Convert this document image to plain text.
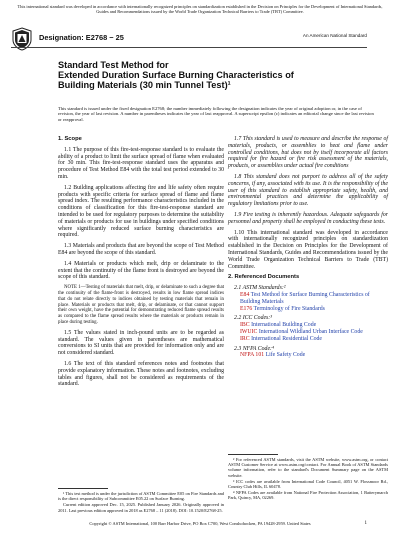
This international standard was developed in accordance with internationally recognized principles on standardization established in the Decision on Principles for the Development of International Standards, Guides and Recommendations issued by the World Trade Organization Technical Barriers to Trade (TBT) Committee.
Designation: E2768 − 25	An American National Standard
Standard Test Method for
Extended Duration Surface Burning Characteristics of
Building Materials (30 min Tunnel Test)¹
This standard is issued under the fixed designation E2768; the number immediately following the designation indicates the year of original adoption or, in the case of revision, the year of last revision. A number in parentheses indicates the year of last reapproval. A superscript epsilon (ε) indicates an editorial change since the last revision or reapproval.
1. Scope

1.1 The purpose of this fire-test-response standard is to evaluate the ability of a product to limit the surface spread of flame when evaluated for 30 min. This fire-test-response standard uses the apparatus and procedure of Test Method E84 with the total test period extended to 30 min.

1.2 Building applications affecting fire and life safety often require products with specific criteria for surface spread of flame and flame spread index. The resulting performance characteristics included in the conditions of classification for this fire-test-response standard are intended to be used for regulatory purposes to determine the suitability of materials or products for use in buildings under specified conditions where significantly reduced surface burning characteristics are required.

1.3 Materials and products that are beyond the scope of Test Method E84 are beyond the scope of this standard.

1.4 Materials or products which melt, drip or delaminate to the extent that the continuity of the flame front is destroyed are beyond the scope of this standard.

NOTE 1—Testing of materials that melt, drip, or delaminate to such a degree that the continuity of the flame-front is destroyed, results in low flame spread indices that do not relate directly to indices obtained by testing materials that remain in place. Materials or products that melt, drip, or delaminate, or that cannot support their own weight, have the potential for demonstrating reduced flame spread results as compared to the flame spread results where the materials or products remain in place during testing.

1.5 The values stated in inch-pound units are to be regarded as standard. The values given in parentheses are mathematical conversions to SI units that are provided for information only and are not considered standard.

1.6 The text of this standard references notes and footnotes that provide explanatory information. These notes and footnotes, excluding tables and figures, shall not be considered as requirements of the standard.

1.7 This standard is used to measure and describe the response of materials, products, or assemblies to heat and flame under controlled conditions, but does not by itself incorporate all factors required for fire hazard or fire risk assessment of the materials, products, or assemblies under actual fire conditions

1.8 This standard does not purport to address all of the safety concerns, if any, associated with its use. It is the responsibility of the user of this standard to establish appropriate safety, health, and environmental practices and determine the applicability of regulatory limitations prior to use.

1.9 Fire testing is inherently hazardous. Adequate safeguards for personnel and property shall be employed in conducting these tests.

1.10 This international standard was developed in accordance with internationally recognized principles on standardization established in the Decision on Principles for the Development of International Standards, Guides and Recommendations issued by the World Trade Organization Technical Barriers to Trade (TBT) Committee.

2. Referenced Documents
2.1 ASTM Standards:²
E84 Test Method for Surface Burning Characteristics of Building Materials
E176 Terminology of Fire Standards
2.2 ICC Codes:³
IBC International Building Code
IWUIC International Wildland Urban Interface Code
IRC International Residential Code
2.3 NFPA Code:⁴
NFPA 101 Life Safety Code

¹ This test method is under the jurisdiction of ASTM Committee E05 on Fire Standards and is the direct responsibility of Subcommittee E05.22 on Surface Burning.

Current edition approved Dec. 15, 2025. Published January 2026. Originally approved in 2011. Last previous edition approved in 2018 as E2768 – 11 (2018). DOI: 10.1520/E2768-25.

² For referenced ASTM standards, visit the ASTM website, www.astm.org, or contact ASTM Customer Service at www.astm.org/contact. For Annual Book of ASTM Standards volume information, refer to the standard's Document Summary page on the ASTM website.

³ ICC codes are available from International Code Council, 4051 W. Flossmoor Rd., Country Club Hills, IL 60478.

⁴ NFPA Codes are available from National Fire Protection Association, 1 Batterymarch Park, Quincy, MA, 02269.

Copyright © ASTM International, 100 Barr Harbor Drive, PO Box C700, West Conshohocken, PA 19428-2959. United States	1
